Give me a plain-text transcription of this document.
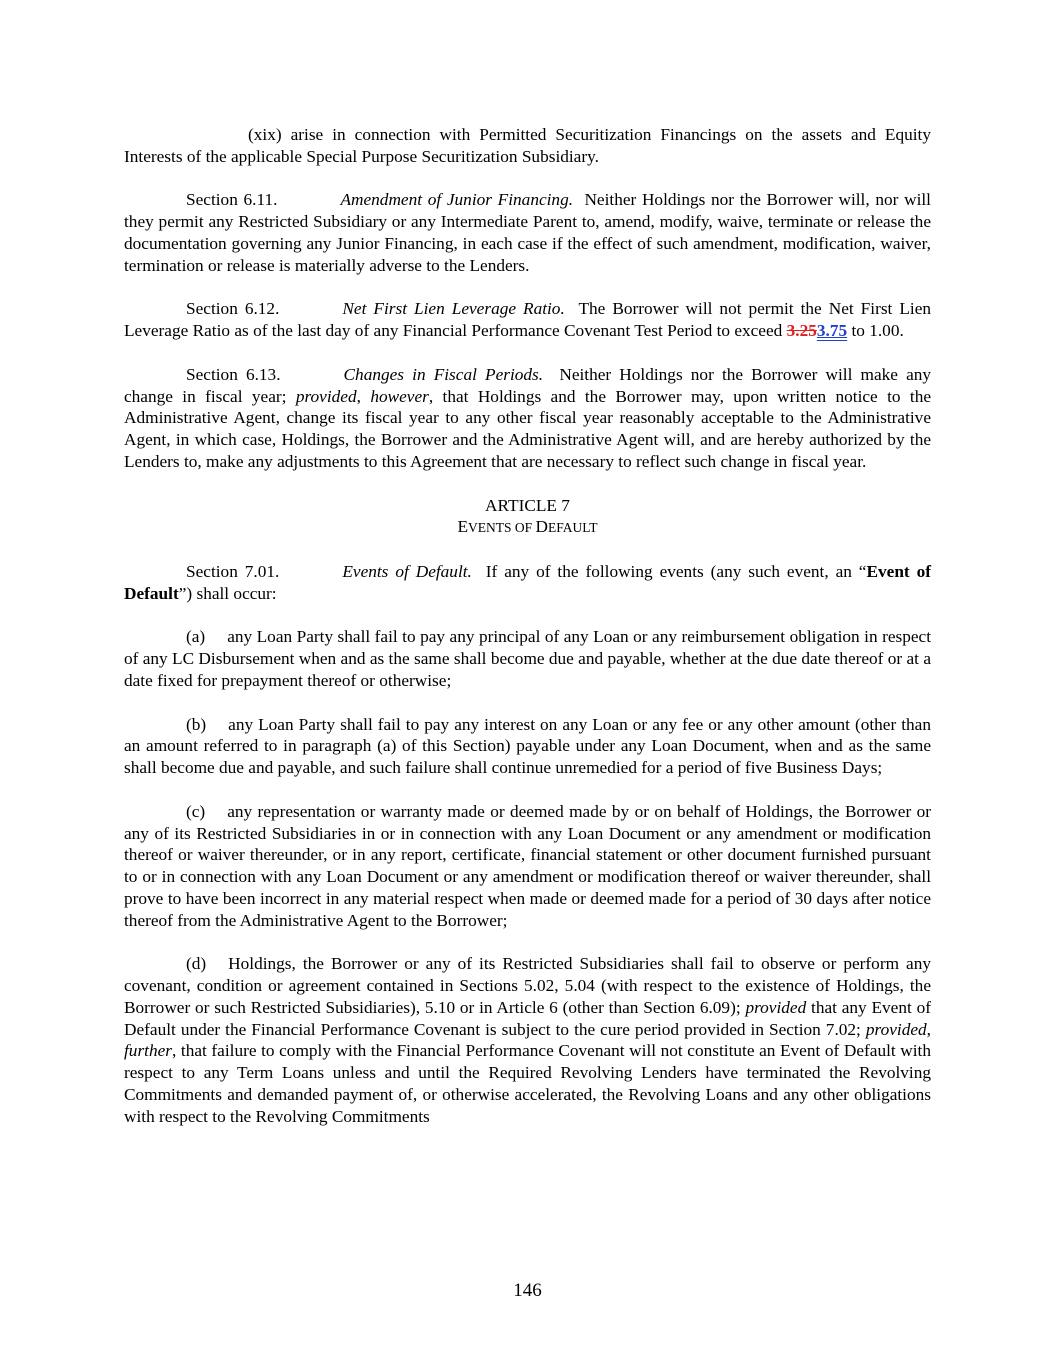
(xix) arise in connection with Permitted Securitization Financings on the assets and Equity Interests of the applicable Special Purpose Securitization Subsidiary.

Section 6.11.	Amendment of Junior Financing. Neither Holdings nor the Borrower will, nor will they permit any Restricted Subsidiary or any Intermediate Parent to, amend, modify, waive, terminate or release the documentation governing any Junior Financing, in each case if the effect of such amendment, modification, waiver, termination or release is materially adverse to the Lenders.

Section 6.12.	Net First Lien Leverage Ratio. The Borrower will not permit the Net First Lien Leverage Ratio as of the last day of any Financial Performance Covenant Test Period to exceed 3.253.75 to 1.00.

Section 6.13.	Changes in Fiscal Periods. Neither Holdings nor the Borrower will make any change in fiscal year; provided, however, that Holdings and the Borrower may, upon written notice to the Administrative Agent, change its fiscal year to any other fiscal year reasonably acceptable to the Administrative Agent, in which case, Holdings, the Borrower and the Administrative Agent will, and are hereby authorized by the Lenders to, make any adjustments to this Agreement that are necessary to reflect such change in fiscal year.

ARTICLE 7

EVENTS OF DEFAULT

Section 7.01.	Events of Default. If any of the following events (any such event, an “Event of Default”) shall occur:

(a) any Loan Party shall fail to pay any principal of any Loan or any reimbursement obligation in respect of any LC Disbursement when and as the same shall become due and payable, whether at the due date thereof or at a date fixed for prepayment thereof or otherwise;

(b) any Loan Party shall fail to pay any interest on any Loan or any fee or any other amount (other than an amount referred to in paragraph (a) of this Section) payable under any Loan Document, when and as the same shall become due and payable, and such failure shall continue unremedied for a period of five Business Days;

(c) any representation or warranty made or deemed made by or on behalf of Holdings, the Borrower or any of its Restricted Subsidiaries in or in connection with any Loan Document or any amendment or modification thereof or waiver thereunder, or in any report, certificate, financial statement or other document furnished pursuant to or in connection with any Loan Document or any amendment or modification thereof or waiver thereunder, shall prove to have been incorrect in any material respect when made or deemed made for a period of 30 days after notice thereof from the Administrative Agent to the Borrower;

(d) Holdings, the Borrower or any of its Restricted Subsidiaries shall fail to observe or perform any covenant, condition or agreement contained in Sections 5.02, 5.04 (with respect to the existence of Holdings, the Borrower or such Restricted Subsidiaries), 5.10 or in Article 6 (other than Section 6.09); provided that any Event of Default under the Financial Performance Covenant is subject to the cure period provided in Section 7.02; provided, further, that failure to comply with the Financial Performance Covenant will not constitute an Event of Default with respect to any Term Loans unless and until the Required Revolving Lenders have terminated the Revolving Commitments and demanded payment of, or otherwise accelerated, the Revolving Loans and any other obligations with respect to the Revolving Commitments

146
